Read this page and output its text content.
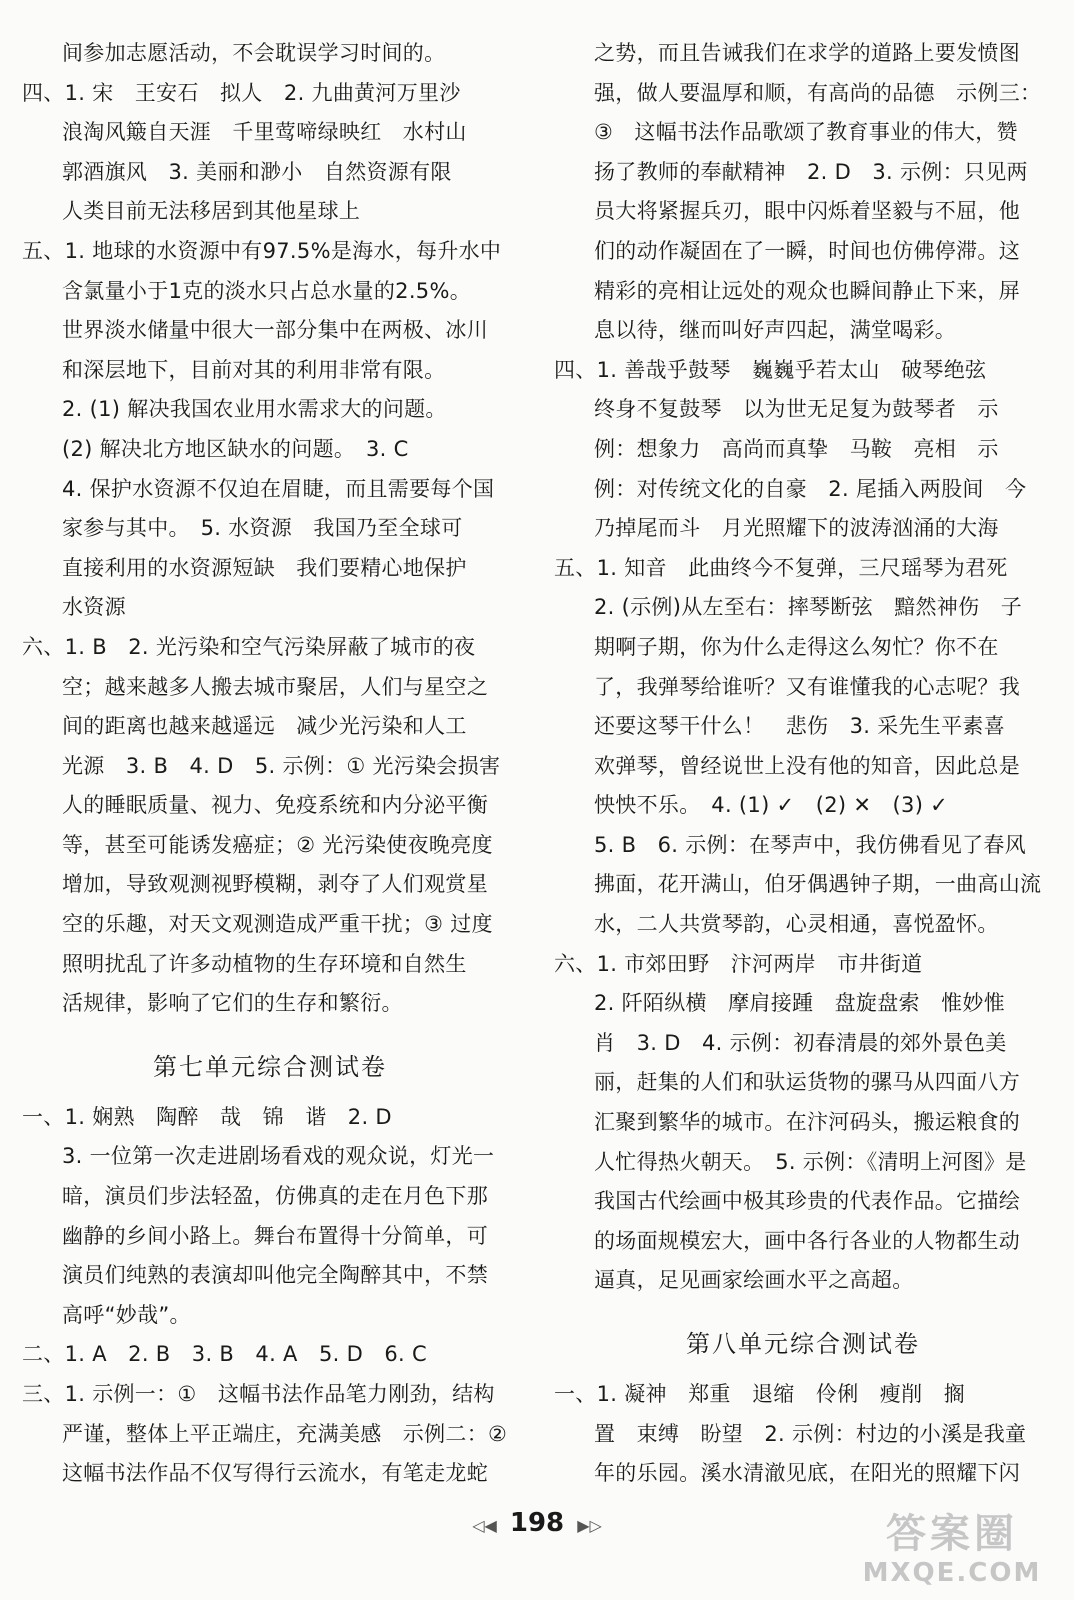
间参加志愿活动，不会耽误学习时间的。
四、1. 宋　王安石　拟人　2. 九曲黄河万里沙
浪淘风簸自天涯　千里莺啼绿映红　水村山
郭酒旗风　3. 美丽和渺小　自然资源有限
人类目前无法移居到其他星球上
五、1. 地球的水资源中有97.5%是海水，每升水中
含氯量小于1克的淡水只占总水量的2.5%。
世界淡水储量中很大一部分集中在两极、冰川
和深层地下，目前对其的利用非常有限。
2. (1) 解决我国农业用水需求大的问题。
(2) 解决北方地区缺水的问题。　3. C
4. 保护水资源不仅迫在眉睫，而且需要每个国
家参与其中。　5. 水资源　我国乃至全球可
直接利用的水资源短缺　我们要精心地保护
水资源
六、1. B　2. 光污染和空气污染屏蔽了城市的夜
空；越来越多人搬去城市聚居，人们与星空之
间的距离也越来越遥远　减少光污染和人工
光源　3. B　4. D　5. 示例：① 光污染会损害
人的睡眠质量、视力、免疫系统和内分泌平衡
等，甚至可能诱发癌症；② 光污染使夜晚亮度
增加，导致观测视野模糊，剥夺了人们观赏星
空的乐趣，对天文观测造成严重干扰；③ 过度
照明扰乱了许多动植物的生存环境和自然生
活规律，影响了它们的生存和繁衍。
第七单元综合测试卷
一、1. 娴熟　陶醉　哉　锦　谐　2. D
3. 一位第一次走进剧场看戏的观众说，灯光一
暗，演员们步法轻盈，仿佛真的走在月色下那
幽静的乡间小路上。舞台布置得十分简单，可
演员们纯熟的表演却叫他完全陶醉其中，不禁
高呼“妙哉”。
二、1. A　2. B　3. B　4. A　5. D　6. C
三、1. 示例一：①　这幅书法作品笔力刚劲，结构
严谨，整体上平正端庄，充满美感　示例二：②
这幅书法作品不仅写得行云流水，有笔走龙蛇
之势，而且告诫我们在求学的道路上要发愤图
强，做人要温厚和顺，有高尚的品德　示例三：
③　这幅书法作品歌颂了教育事业的伟大，赞
扬了教师的奉献精神　2. D　3. 示例：只见两
员大将紧握兵刃，眼中闪烁着坚毅与不屈，他
们的动作凝固在了一瞬，时间也仿佛停滞。这
精彩的亮相让远处的观众也瞬间静止下来，屏
息以待，继而叫好声四起，满堂喝彩。
四、1. 善哉乎鼓琴　巍巍乎若太山　破琴绝弦
终身不复鼓琴　以为世无足复为鼓琴者　示
例：想象力　高尚而真挚　马鞍　亮相　示
例：对传统文化的自豪　2. 尾插入两股间　今
乃掉尾而斗　月光照耀下的波涛汹涌的大海
五、1. 知音　此曲终今不复弹，三尺瑶琴为君死
2. (示例)从左至右：摔琴断弦　黯然神伤　子
期啊子期，你为什么走得这么匆忙？你不在
了，我弹琴给谁听？又有谁懂我的心志呢？我
还要这琴干什么！　悲伤　3. 采先生平素喜
欢弹琴，曾经说世上没有他的知音，因此总是
怏怏不乐。　4. (1) ✓　(2) ✕　(3) ✓
5. B　6. 示例：在琴声中，我仿佛看见了春风
拂面，花开满山，伯牙偶遇钟子期，一曲高山流
水，二人共赏琴韵，心灵相通，喜悦盈怀。
六、1. 市郊田野　汴河两岸　市井街道
2. 阡陌纵横　摩肩接踵　盘旋盘索　惟妙惟
肖　3. D　4. 示例：初春清晨的郊外景色美
丽，赶集的人们和驮运货物的骡马从四面八方
汇聚到繁华的城市。在汴河码头，搬运粮食的
人忙得热火朝天。　5. 示例：《清明上河图》是
我国古代绘画中极其珍贵的代表作品。它描绘
的场面规模宏大，画中各行各业的人物都生动
逼真，足见画家绘画水平之高超。
第八单元综合测试卷
一、1. 凝神　郑重　退缩　伶俐　瘦削　搁
置　束缚　盼望　2. 示例：村边的小溪是我童
年的乐园。溪水清澈见底，在阳光的照耀下闪
◁◀ 198 ▶▷	答案圈
MXQE.COM
